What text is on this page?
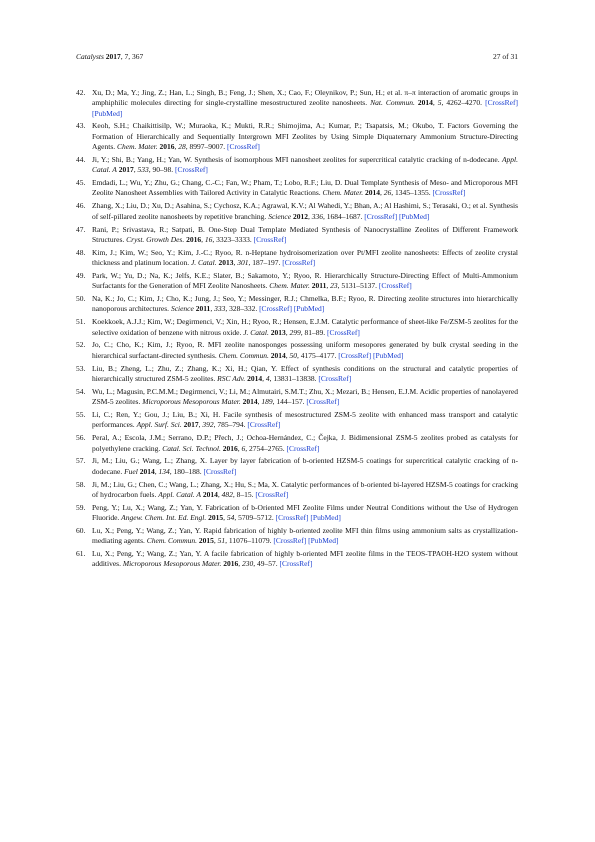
Catalysts 2017, 7, 367	27 of 31
42. Xu, D.; Ma, Y.; Jing, Z.; Han, L.; Singh, B.; Feng, J.; Shen, X.; Cao, F.; Oleynikov, P.; Sun, H.; et al. π–π interaction of aromatic groups in amphiphilic molecules directing for single-crystalline mesostructured zeolite nanosheets. Nat. Commun. 2014, 5, 4262–4270. [CrossRef] [PubMed]
43. Keoh, S.H.; Chaikittisilp, W.; Muraoka, K.; Mukti, R.R.; Shimojima, A.; Kumar, P.; Tsapatsis, M.; Okubo, T. Factors Governing the Formation of Hierarchically and Sequentially Intergrown MFI Zeolites by Using Simple Diquaternary Ammonium Structure-Directing Agents. Chem. Mater. 2016, 28, 8997–9007. [CrossRef]
44. Ji, Y.; Shi, B.; Yang, H.; Yan, W. Synthesis of isomorphous MFI nanosheet zeolites for supercritical catalytic cracking of n-dodecane. Appl. Catal. A 2017, 533, 90–98. [CrossRef]
45. Emdadi, L.; Wu, Y.; Zhu, G.; Chang, C.-C.; Fan, W.; Pham, T.; Lobo, R.F.; Liu, D. Dual Template Synthesis of Meso- and Microporous MFI Zeolite Nanosheet Assemblies with Tailored Activity in Catalytic Reactions. Chem. Mater. 2014, 26, 1345–1355. [CrossRef]
46. Zhang, X.; Liu, D.; Xu, D.; Asahina, S.; Cychosz, K.A.; Agrawal, K.V.; Al Wahedi, Y.; Bhan, A.; Al Hashimi, S.; Terasaki, O.; et al. Synthesis of self-pillared zeolite nanosheets by repetitive branching. Science 2012, 336, 1684–1687. [CrossRef] [PubMed]
47. Rani, P.; Srivastava, R.; Satpati, B. One-Step Dual Template Mediated Synthesis of Nanocrystalline Zeolites of Different Framework Structures. Cryst. Growth Des. 2016, 16, 3323–3333. [CrossRef]
48. Kim, J.; Kim, W.; Seo, Y.; Kim, J.-C.; Ryoo, R. n-Heptane hydroisomerization over Pt/MFI zeolite nanosheets: Effects of zeolite crystal thickness and platinum location. J. Catal. 2013, 301, 187–197. [CrossRef]
49. Park, W.; Yu, D.; Na, K.; Jelfs, K.E.; Slater, B.; Sakamoto, Y.; Ryoo, R. Hierarchically Structure-Directing Effect of Multi-Ammonium Surfactants for the Generation of MFI Zeolite Nanosheets. Chem. Mater. 2011, 23, 5131–5137. [CrossRef]
50. Na, K.; Jo, C.; Kim, J.; Cho, K.; Jung, J.; Seo, Y.; Messinger, R.J.; Chmelka, B.F.; Ryoo, R. Directing zeolite structures into hierarchically nanoporous architectures. Science 2011, 333, 328–332. [CrossRef] [PubMed]
51. Koekkoek, A.J.J.; Kim, W.; Degirmenci, V.; Xin, H.; Ryoo, R.; Hensen, E.J.M. Catalytic performance of sheet-like Fe/ZSM-5 zeolites for the selective oxidation of benzene with nitrous oxide. J. Catal. 2013, 299, 81–89. [CrossRef]
52. Jo, C.; Cho, K.; Kim, J.; Ryoo, R. MFI zeolite nanosponges possessing uniform mesopores generated by bulk crystal seeding in the hierarchical surfactant-directed synthesis. Chem. Commun. 2014, 50, 4175–4177. [CrossRef] [PubMed]
53. Liu, B.; Zheng, L.; Zhu, Z.; Zhang, K.; Xi, H.; Qian, Y. Effect of synthesis conditions on the structural and catalytic properties of hierarchically structured ZSM-5 zeolites. RSC Adv. 2014, 4, 13831–13838. [CrossRef]
54. Wu, L.; Magusin, P.C.M.M.; Degirmenci, V.; Li, M.; Almutairi, S.M.T.; Zhu, X.; Mezari, B.; Hensen, E.J.M. Acidic properties of nanolayered ZSM-5 zeolites. Microporous Mesoporous Mater. 2014, 189, 144–157. [CrossRef]
55. Li, C.; Ren, Y.; Gou, J.; Liu, B.; Xi, H. Facile synthesis of mesostructured ZSM-5 zeolite with enhanced mass transport and catalytic performances. Appl. Surf. Sci. 2017, 392, 785–794. [CrossRef]
56. Peral, A.; Escola, J.M.; Serrano, D.P.; Přech, J.; Ochoa-Hernández, C.; Čejka, J. Bidimensional ZSM-5 zeolites probed as catalysts for polyethylene cracking. Catal. Sci. Technol. 2016, 6, 2754–2765. [CrossRef]
57. Ji, M.; Liu, G.; Wang, L.; Zhang, X. Layer by layer fabrication of b-oriented HZSM-5 coatings for supercritical catalytic cracking of n-dodecane. Fuel 2014, 134, 180–188. [CrossRef]
58. Ji, M.; Liu, G.; Chen, C.; Wang, L.; Zhang, X.; Hu, S.; Ma, X. Catalytic performances of b-oriented bi-layered HZSM-5 coatings for cracking of hydrocarbon fuels. Appl. Catal. A 2014, 482, 8–15. [CrossRef]
59. Peng, Y.; Lu, X.; Wang, Z.; Yan, Y. Fabrication of b-Oriented MFI Zeolite Films under Neutral Conditions without the Use of Hydrogen Fluoride. Angew. Chem. Int. Ed. Engl. 2015, 54, 5709–5712. [CrossRef] [PubMed]
60. Lu, X.; Peng, Y.; Wang, Z.; Yan, Y. Rapid fabrication of highly b-oriented zeolite MFI thin films using ammonium salts as crystallization-mediating agents. Chem. Commun. 2015, 51, 11076–11079. [CrossRef] [PubMed]
61. Lu, X.; Peng, Y.; Wang, Z.; Yan, Y. A facile fabrication of highly b-oriented MFI zeolite films in the TEOS-TPAOH-H2O system without additives. Microporous Mesoporous Mater. 2016, 230, 49–57. [CrossRef]
